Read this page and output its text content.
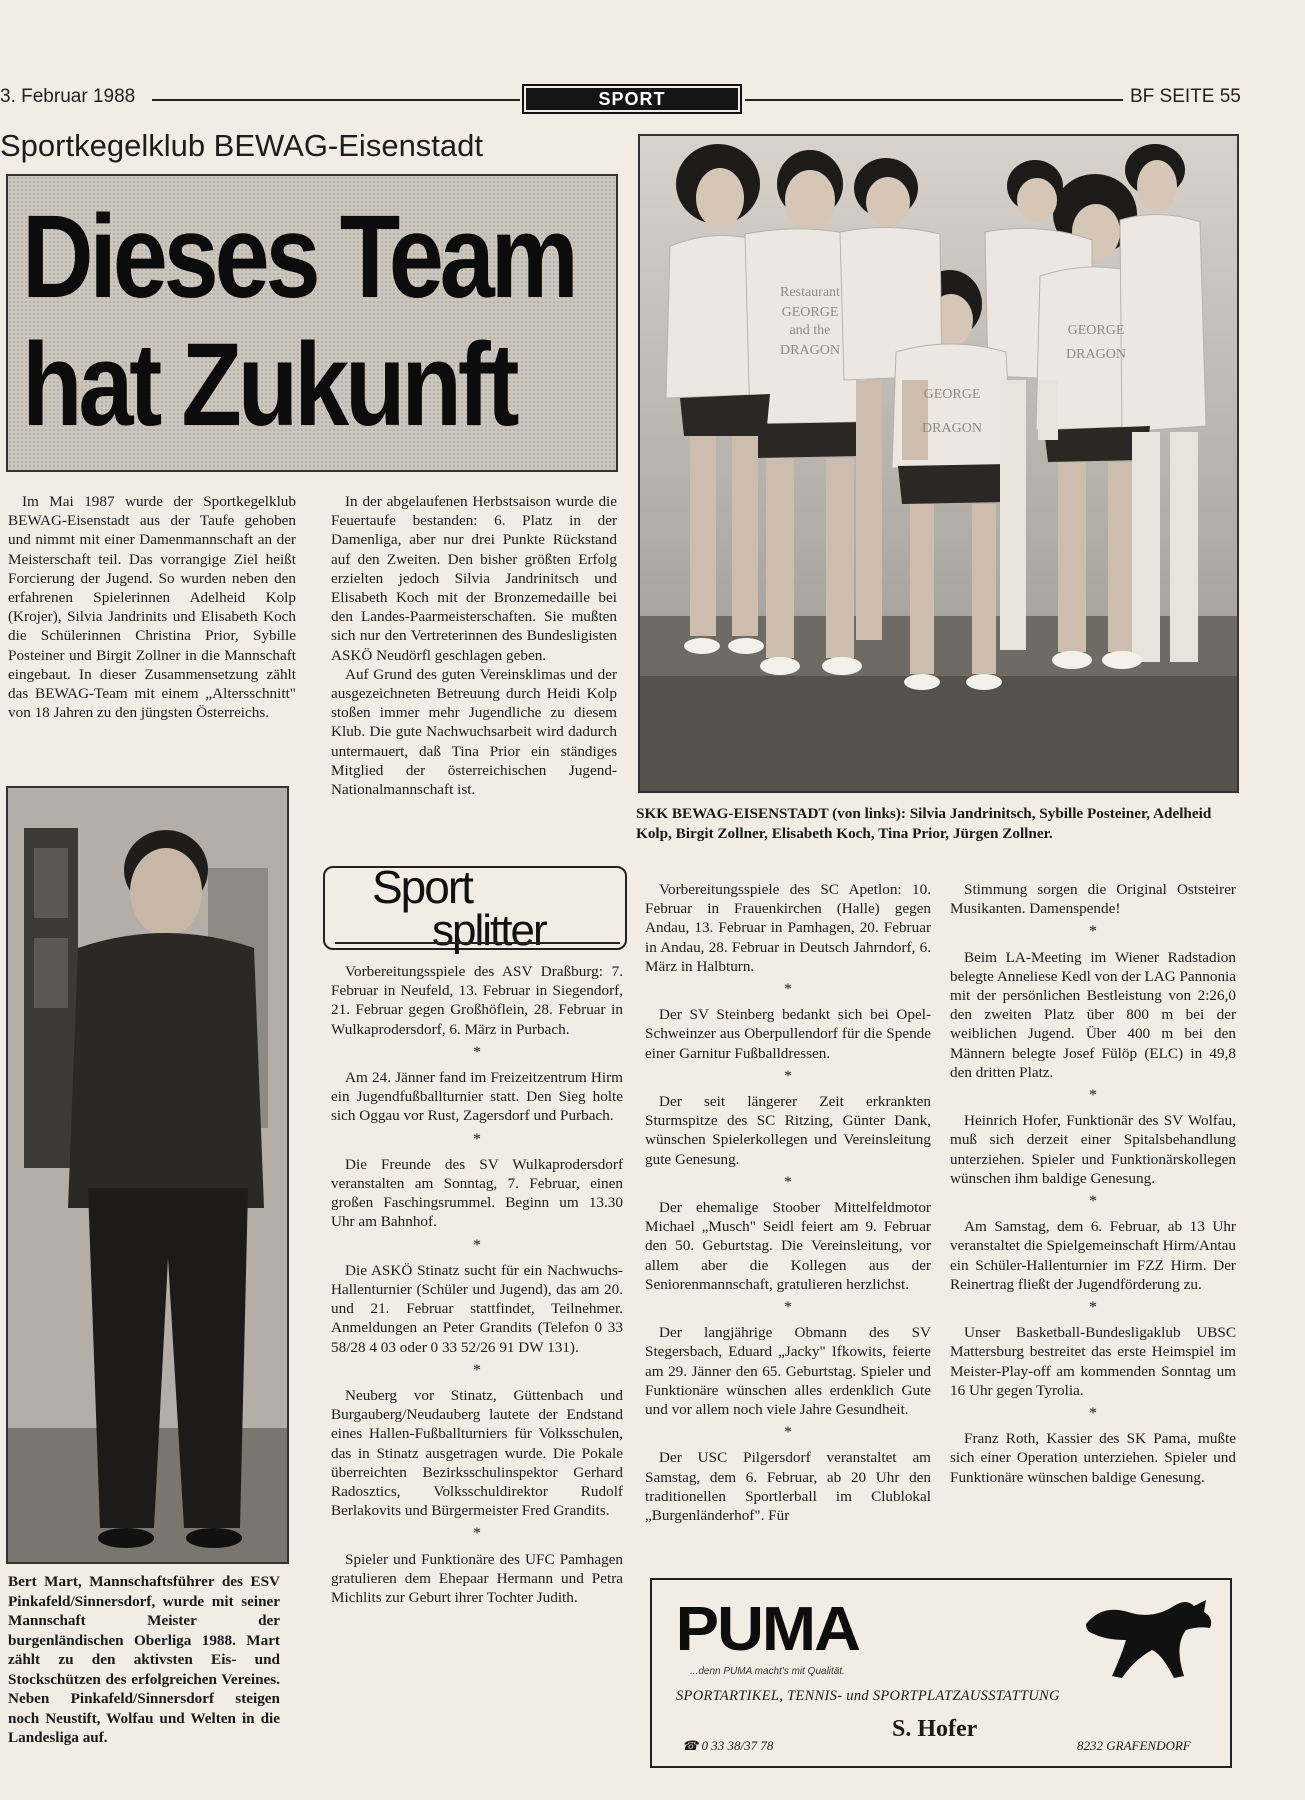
3. Februar 1988	SPORT	BF SEITE 55
Sportkegelklub BEWAG-Eisenstadt
Dieses Team
hat Zukunft

Im Mai 1987 wurde der Sportkegelklub BEWAG-Eisenstadt aus der Taufe gehoben und nimmt mit einer Damenmannschaft an der Meisterschaft teil. Das vorrangige Ziel heißt Forcierung der Jugend. So wurden neben den erfahrenen Spielerinnen Adelheid Kolp (Krojer), Silvia Jandrinits und Elisabeth Koch die Schülerinnen Christina Prior, Sybille Posteiner und Birgit Zollner in die Mannschaft eingebaut. In dieser Zusammensetzung zählt das BEWAG-Team mit einem „Altersschnitt" von 18 Jahren zu den jüngsten Österreichs.

In der abgelaufenen Herbstsaison wurde die Feuertaufe bestanden: 6. Platz in der Damenliga, aber nur drei Punkte Rückstand auf den Zweiten. Den bisher größten Erfolg erzielten jedoch Silvia Jandrinitsch und Elisabeth Koch mit der Bronzemedaille bei den Landes-Paarmeisterschaften. Sie mußten sich nur den Vertreterinnen des Bundesligisten ASKÖ Neudörfl geschlagen geben.

Auf Grund des guten Vereinsklimas und der ausgezeichneten Betreuung durch Heidi Kolp stoßen immer mehr Jugendliche zu diesem Klub. Die gute Nachwuchsarbeit wird dadurch untermauert, daß Tina Prior ein ständiges Mitglied der österreichischen Jugend-Nationalmannschaft ist.

Restaurant
GEORGE
and the
DRAGON
GEORGE
DRAGON
GEORGE
DRAGON
SKK BEWAG-EISENSTADT (von links): Silvia Jandrinitsch, Sybille Posteiner, Adelheid Kolp, Birgit Zollner, Elisabeth Koch, Tina Prior, Jürgen Zollner.
Bert Mart, Mannschaftsführer des ESV Pinkafeld/Sinnersdorf, wurde mit seiner Mannschaft Meister der burgenländischen Oberliga 1988. Mart zählt zu den aktivsten Eis- und Stockschützen des erfolgreichen Vereines. Neben Pinkafeld/Sinnersdorf steigen noch Neustift, Wolfau und Welten in die Landesliga auf.
Sport
splitter

Vorbereitungsspiele des ASV Draßburg: 7. Februar in Neufeld, 13. Februar in Siegendorf, 21. Februar gegen Großhöflein, 28. Februar in Wulkaprodersdorf, 6. März in Purbach.

*

Am 24. Jänner fand im Freizeitzentrum Hirm ein Jugendfußballturnier statt. Den Sieg holte sich Oggau vor Rust, Zagersdorf und Purbach.

*

Die Freunde des SV Wulkaprodersdorf veranstalten am Sonntag, 7. Februar, einen großen Faschingsrummel. Beginn um 13.30 Uhr am Bahnhof.

*

Die ASKÖ Stinatz sucht für ein Nachwuchs-Hallenturnier (Schüler und Jugend), das am 20. und 21. Februar stattfindet, Teilnehmer. Anmeldungen an Peter Grandits (Telefon 0 33 58/28 4 03 oder 0 33 52/26 91 DW 131).

*

Neuberg vor Stinatz, Güttenbach und Burgauberg/Neudauberg lautete der Endstand eines Hallen-Fußballturniers für Volksschulen, das in Stinatz ausgetragen wurde. Die Pokale überreichten Bezirksschulinspektor Gerhard Radosztics, Volksschuldirektor Rudolf Berlakovits und Bürgermeister Fred Grandits.

*

Spieler und Funktionäre des UFC Pamhagen gratulieren dem Ehepaar Hermann und Petra Michlits zur Geburt ihrer Tochter Judith.

Vorbereitungsspiele des SC Apetlon: 10. Februar in Frauenkirchen (Halle) gegen Andau, 13. Februar in Pamhagen, 20. Februar in Andau, 28. Februar in Deutsch Jahrndorf, 6. März in Halbturn.

*

Der SV Steinberg bedankt sich bei Opel-Schweinzer aus Oberpullendorf für die Spende einer Garnitur Fußballdressen.

*

Der seit längerer Zeit erkrankten Sturmspitze des SC Ritzing, Günter Dank, wünschen Spielerkollegen und Vereinsleitung gute Genesung.

*

Der ehemalige Stoober Mittelfeldmotor Michael „Musch" Seidl feiert am 9. Februar den 50. Geburtstag. Die Vereinsleitung, vor allem aber die Kollegen aus der Seniorenmannschaft, gratulieren herzlichst.

*

Der langjährige Obmann des SV Stegersbach, Eduard „Jacky" Ifkowits, feierte am 29. Jänner den 65. Geburtstag. Spieler und Funktionäre wünschen alles erdenklich Gute und vor allem noch viele Jahre Gesundheit.

*

Der USC Pilgersdorf veranstaltet am Samstag, dem 6. Februar, ab 20 Uhr den traditionellen Sportlerball im Clublokal „Burgenländerhof". Für

Stimmung sorgen die Original Oststeirer Musikanten. Damenspende!

*

Beim LA-Meeting im Wiener Radstadion belegte Anneliese Kedl von der LAG Pannonia mit der persönlichen Bestleistung von 2:26,0 den zweiten Platz über 800 m bei der weiblichen Jugend. Über 400 m bei den Männern belegte Josef Fülöp (ELC) in 49,8 den dritten Platz.

*

Heinrich Hofer, Funktionär des SV Wolfau, muß sich derzeit einer Spitalsbehandlung unterziehen. Spieler und Funktionärskollegen wünschen ihm baldige Genesung.

*

Am Samstag, dem 6. Februar, ab 13 Uhr veranstaltet die Spielgemeinschaft Hirm/Antau ein Schüler-Hallenturnier im FZZ Hirm. Der Reinertrag fließt der Jugendförderung zu.

*

Unser Basketball-Bundesligaklub UBSC Mattersburg bestreitet das erste Heimspiel im Meister-Play-off am kommenden Sonntag um 16 Uhr gegen Tyrolia.

*

Franz Roth, Kassier des SK Pama, mußte sich einer Operation unterziehen. Spieler und Funktionäre wünschen baldige Genesung.

PUMA
...denn PUMA macht's mit Qualität.
SPORTARTIKEL, TENNIS- und SPORTPLATZAUSSTATTUNG
S. Hofer
☎ 0 33 38/37 78	8232 GRAFENDORF
